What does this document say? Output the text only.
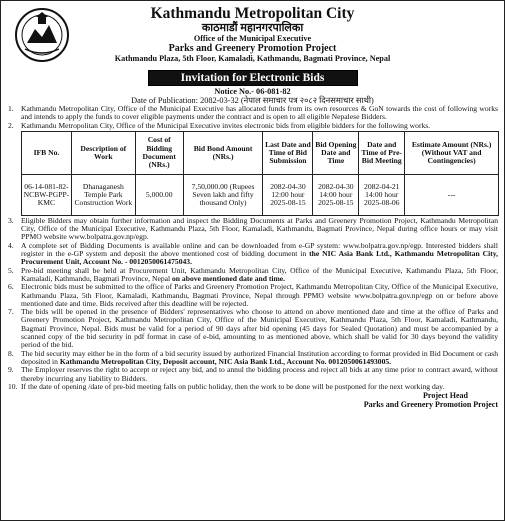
Kathmandu Metropolitan City
काठमाडौं महानगरपालिका
Office of the Municipal Executive
Parks and Greenery Promotion Project
Kathmandu Plaza, 5th Floor, Kamaladi, Kathmandu, Bagmati Province, Nepal
Invitation for Electronic Bids
Notice No.- 06-081-82
Date of Publication: 2082-03-32 (नेपाल समाचार पत्र २०८२ दिनसमाचार साथी)
1. Kathmandu Metropolitan City, Office of the Municipal Executive has allocated funds from its own resources & GoN towards the cost of following works and intends to apply the funds to cover eligible payments under the contract and is open to all eligible Nepalese Bidders.
2. Kathmandu Metropolitan City, Office of the Municipal Executive invites electronic bids from eligible bidders for the following works.
IFB No.	Description of Work	Cost of Bidding Document (NRs.)	Bid Bond Amount (NRs.)	Last Date and Time of Bid Submission	Bid Opening Date and Time	Date and Time of Pre-Bid Meeting	Estimate Amount (NRs.) (Without VAT and Contingencies)
06-14-081-82-NCBW-PGPP-KMC	Dhanaganesh Temple Park Construction Work	5,000.00	7,50,000.00 (Rupees Seven lakh and fifty thousand Only)	2082-04-30 12:00 hour 2025-08-15	2082-04-30 14:00 hour 2025-08-15	2082-04-21 14:00 hour 2025-08-06	---
3. Eligible Bidders may obtain further information and inspect the Bidding Documents at Parks and Greenery Promotion Project, Kathmandu Metropolitan City, Office of the Municipal Executive, Kathmandu Plaza, 5th Floor, Kamaladi, Kathmandu, Bagmati Province, Nepal during office hours or may visit PPMO website www.bolpatra.gov.np/egp.
4. A complete set of Bidding Documents is available online and can be downloaded from e-GP system: www.bolpatra.gov.np/egp. Interested bidders shall register in the e-GP system and deposit the above mentioned cost of bidding document in the NIC Asia Bank Ltd., Kathmandu Metropolitan City, Procurement Unit, Account No. - 0012050061475043.
5. Pre-bid meeting shall be held at Procurement Unit, Kathmandu Metropolitan City, Office of the Municipal Executive, Kathmandu Plaza, 5th Floor, Kamaladi, Kathmandu, Bagmati Province, Nepal on above mentioned date and time.
6. Electronic bids must be submitted to the office of Parks and Greenery Promotion Project, Kathmandu Metropolitan City, Office of the Municipal Executive, Kathmandu Plaza, 5th Floor, Kamaladi, Kathmandu, Bagmati Province, Nepal through PPMO website www.bolpatra.gov.np/egp on or before above mentioned date and time. Bids received after this deadline will be rejected.
7. The bids will be opened in the presence of Bidders' representatives who choose to attend on above mentioned date and time at the office of Parks and Greenery Promotion Project, Kathmandu Metropolitan City, Office of the Municipal Executive, Kathmandu Plaza, 5th Floor, Kamaladi, Kathmandu, Bagmati Province, Nepal. Bids must be valid for a period of 90 days after bid opening (45 days for Sealed Quotation) and must be accompanied by a scanned copy of the bid security in pdf format in case of e-bid, amounting to as mentioned above, which shall be valid for 30 days beyond the validity period of the bid.
8. The bid security may either be in the form of a bid security issued by authorized Financial Institution according to format provided in Bid Document or cash deposited in Kathmandu Metropolitan City, Deposit account, NIC Asia Bank Ltd., Account No. 0012050061493005.
9. The Employer reserves the right to accept or reject any bid, and to annul the bidding process and reject all bids at any time prior to contract award, without thereby incurring any liability to Bidders.
10. If the date of opening /date of pre-bid meeting falls on public holiday, then the work to be done will be postponed for the next working day.
Project Head
Parks and Greenery Promotion Project
